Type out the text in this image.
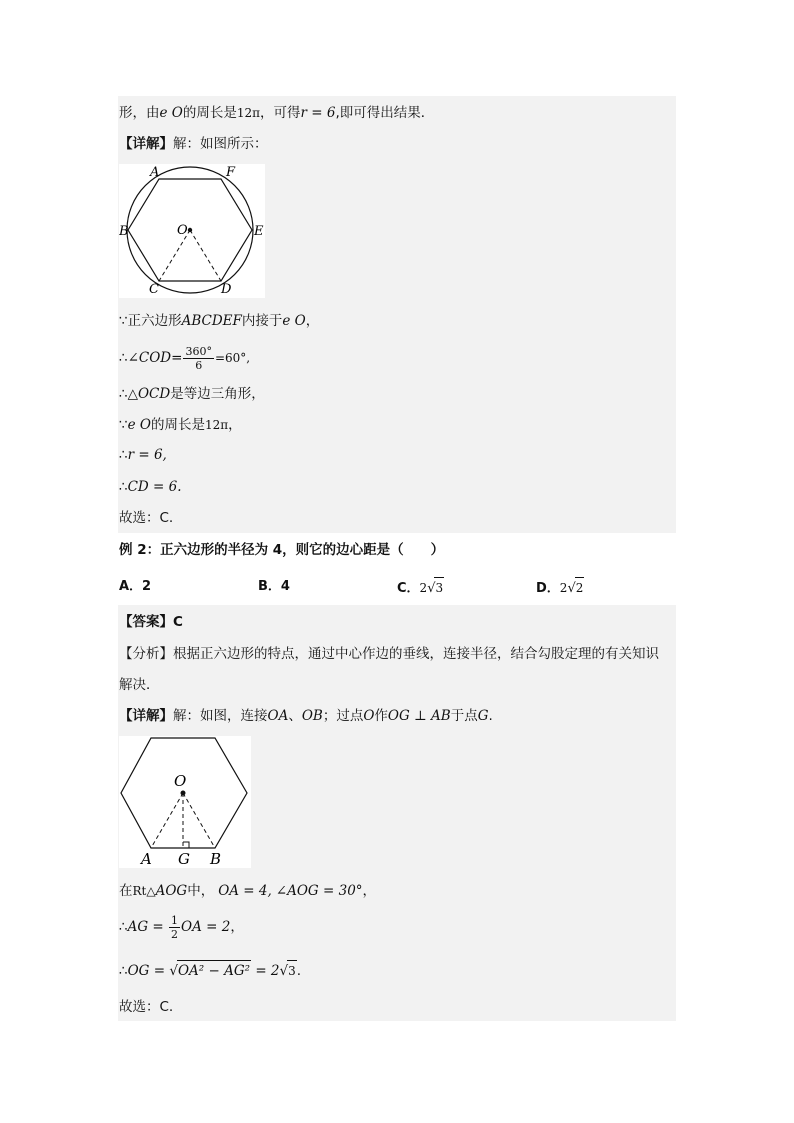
形，由e O的周长是12π，可得r = 6,即可得出结果．
【详解】解：如图所示：
A	F
B	O	E
C	D
∵正六边形ABCDEF内接于e O，
∴∠COD= $\frac{360^\circ}{6} =60^\circ$,
∴△OCD是等边三角形，
∵e O的周长是12π，
∴r = 6,
∴CD = 6.
故选：C.
例 2：正六边形的半径为 4，则它的边心距是（　　）
A．2	B．4	C．2√3	D．2√2
【答案】C
【分析】根据正六边形的特点，通过中心作边的垂线，连接半径，结合勾股定理的有关知识
解决．
【详解】解：如图，连接OA、OB；过点O作OG ⊥ AB于点G.
O
A G B
在Rt△AOG中， OA = 4, ∠AOG = 30°，
∴AG = $\frac{1}{2}$ OA = 2，
∴OG = √OA² − AG² = 2√3.
故选：C.
